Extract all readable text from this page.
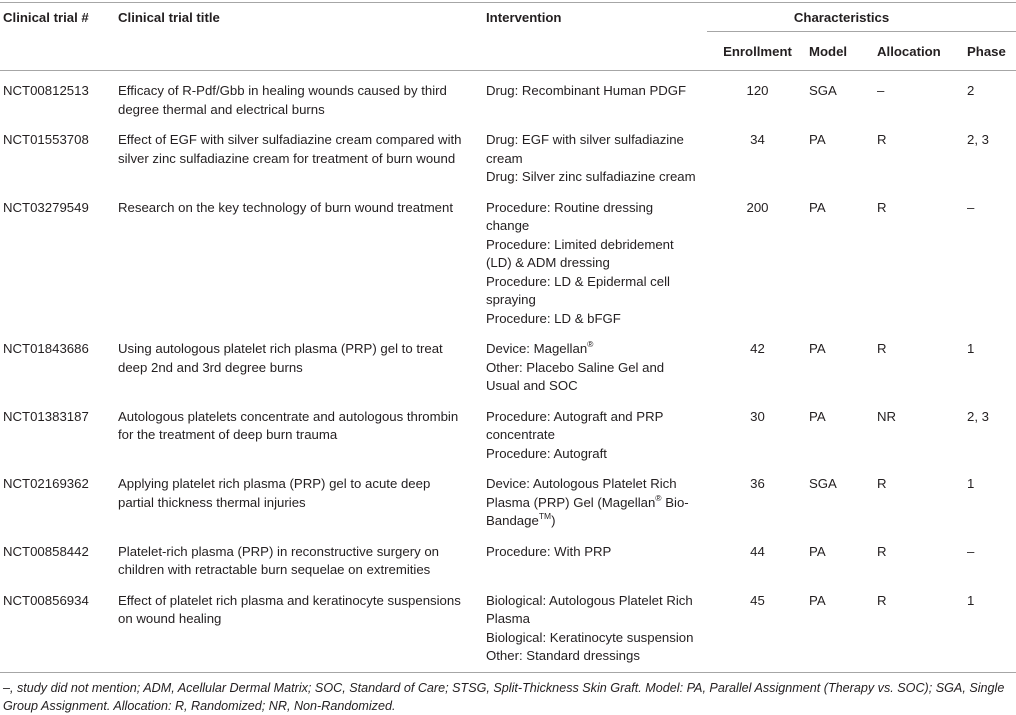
Clinical trial #	Clinical trial title	Intervention	Characteristics			
			Enrollment	Model	Allocation	Phase

NCT00812513	Efficacy of R-Pdf/Gbb in healing wounds caused by third degree thermal and electrical burns	Drug: Recombinant Human PDGF	120	SGA	–	2
NCT01553708	Effect of EGF with silver sulfadiazine cream compared with silver zinc sulfadiazine cream for treatment of burn wound	Drug: EGF with silver sulfadiazine cream
Drug: Silver zinc sulfadiazine cream	34	PA	R	2, 3
NCT03279549	Research on the key technology of burn wound treatment	Procedure: Routine dressing change
Procedure: Limited debridement (LD) & ADM dressing
Procedure: LD & Epidermal cell spraying
Procedure: LD & bFGF	200	PA	R	–
NCT01843686	Using autologous platelet rich plasma (PRP) gel to treat deep 2nd and 3rd degree burns	Device: Magellan®
Other: Placebo Saline Gel and Usual and SOC	42	PA	R	1
NCT01383187	Autologous platelets concentrate and autologous thrombin for the treatment of deep burn trauma	Procedure: Autograft and PRP concentrate
Procedure: Autograft	30	PA	NR	2, 3
NCT02169362	Applying platelet rich plasma (PRP) gel to acute deep partial thickness thermal injuries	Device: Autologous Platelet Rich Plasma (PRP) Gel (Magellan® Bio-Bandage™)	36	SGA	R	1
NCT00858442	Platelet-rich plasma (PRP) in reconstructive surgery on children with retractable burn sequelae on extremities	Procedure: With PRP	44	PA	R	–
NCT00856934	Effect of platelet rich plasma and keratinocyte suspensions on wound healing	Biological: Autologous Platelet Rich Plasma
Biological: Keratinocyte suspension
Other: Standard dressings	45	PA	R	1
–, study did not mention; ADM, Acellular Dermal Matrix; SOC, Standard of Care; STSG, Split-Thickness Skin Graft. Model: PA, Parallel Assignment (Therapy vs. SOC); SGA, Single Group Assignment. Allocation: R, Randomized; NR, Non-Randomized.
